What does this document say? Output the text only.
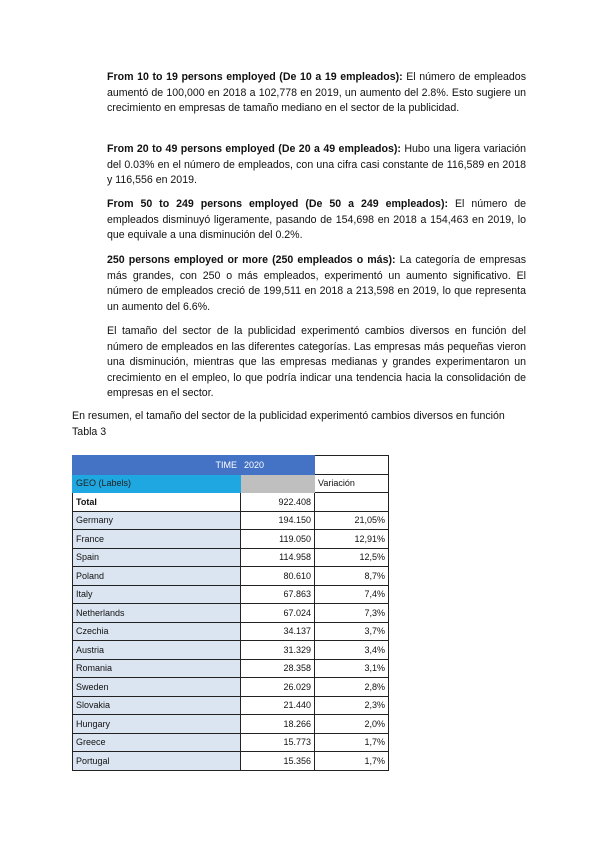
From 10 to 19 persons employed (De 10 a 19 empleados): El número de empleados aumentó de 100,000 en 2018 a 102,778 en 2019, un aumento del 2.8%. Esto sugiere un crecimiento en empresas de tamaño mediano en el sector de la publicidad.

From 20 to 49 persons employed (De 20 a 49 empleados): Hubo una ligera variación del 0.03% en el número de empleados, con una cifra casi constante de 116,589 en 2018 y 116,556 en 2019.

From 50 to 249 persons employed (De 50 a 249 empleados): El número de empleados disminuyó ligeramente, pasando de 154,698 en 2018 a 154,463 en 2019, lo que equivale a una disminución del 0.2%.

250 persons employed or more (250 empleados o más): La categoría de empresas más grandes, con 250 o más empleados, experimentó un aumento significativo. El número de empleados creció de 199,511 en 2018 a 213,598 en 2019, lo que representa un aumento del 6.6%.

El tamaño del sector de la publicidad experimentó cambios diversos en función del número de empleados en las diferentes categorías. Las empresas más pequeñas vieron una disminución, mientras que las empresas medianas y grandes experimentaron un crecimiento en el empleo, lo que podría indicar una tendencia hacia la consolidación de empresas en el sector.

En resumen, el tamaño del sector de la publicidad experimentó cambios diversos en función
Tabla 3
TIME	2020	
GEO (Labels)		Variación
Total	922.408	
Germany	194.150	21,05%
France	119.050	12,91%
Spain	114.958	12,5%
Poland	80.610	8,7%
Italy	67.863	7,4%
Netherlands	67.024	7,3%
Czechia	34.137	3,7%
Austria	31.329	3,4%
Romania	28.358	3,1%
Sweden	26.029	2,8%
Slovakia	21.440	2,3%
Hungary	18.266	2,0%
Greece	15.773	1,7%
Portugal	15.356	1,7%
